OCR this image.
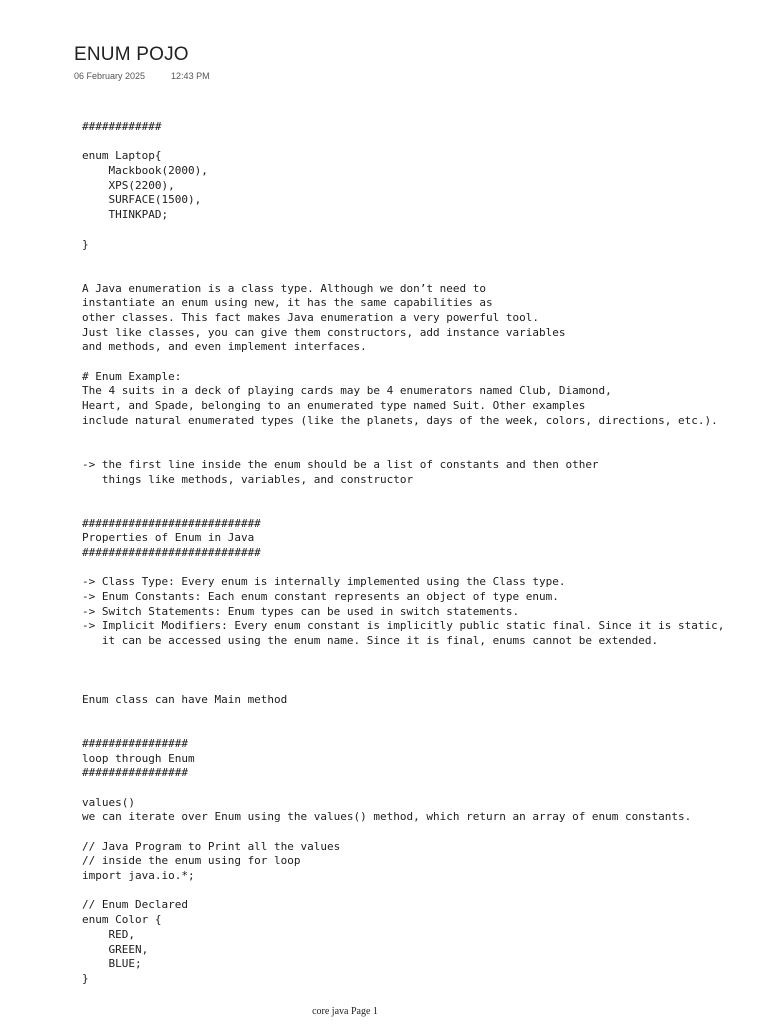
ENUM POJO
06 February 2025	12:43 PM
############
enum Laptop{
Mackbook(2000),
XPS(2200),
SURFACE(1500),
THINKPAD;
}
A Java enumeration is a class type. Although we don’t need to
instantiate an enum using new, it has the same capabilities as
other classes. This fact makes Java enumeration a very powerful tool.
Just like classes, you can give them constructors, add instance variables
and methods, and even implement interfaces.
# Enum Example:
The 4 suits in a deck of playing cards may be 4 enumerators named Club, Diamond,
Heart, and Spade, belonging to an enumerated type named Suit. Other examples
include natural enumerated types (like the planets, days of the week, colors, directions, etc.).
-> the first line inside the enum should be a list of constants and then other
things like methods, variables, and constructor
###########################
Properties of Enum in Java
###########################
-> Class Type: Every enum is internally implemented using the Class type.
-> Enum Constants: Each enum constant represents an object of type enum.
-> Switch Statements: Enum types can be used in switch statements.
-> Implicit Modifiers: Every enum constant is implicitly public static final. Since it is static,
it can be accessed using the enum name. Since it is final, enums cannot be extended.
Enum class can have Main method
################
loop through Enum
################
values()
we can iterate over Enum using the values() method, which return an array of enum constants.
// Java Program to Print all the values
// inside the enum using for loop
import java.io.*;
// Enum Declared
enum Color {
RED,
GREEN,
BLUE;
}
core java Page 1
